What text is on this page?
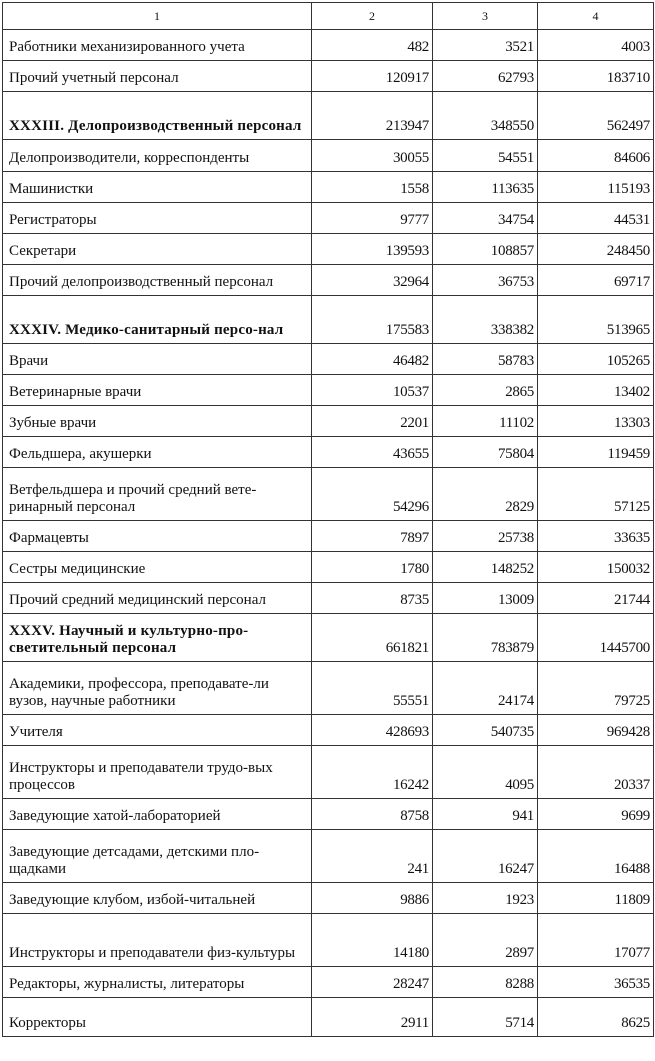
1	2	3	4
Работники механизированного учета	482	3521	4003
Прочий учетный персонал	120917	62793	183710
XXXIII. Делопроизводственный персонал	213947	348550	562497
Делопроизводители, корреспонденты	30055	54551	84606
Машинистки	1558	113635	115193
Регистраторы	9777	34754	44531
Секретари	139593	108857	248450
Прочий делопроизводственный персонал	32964	36753	69717
XXXIV. Медико-санитарный персо-нал	175583	338382	513965
Врачи	46482	58783	105265
Ветеринарные врачи	10537	2865	13402
Зубные врачи	2201	11102	13303
Фельдшера, акушерки	43655	75804	119459
Ветфельдшера и прочий средний вете-ринарный персонал	54296	2829	57125
Фармацевты	7897	25738	33635
Сестры медицинские	1780	148252	150032
Прочий средний медицинский персонал	8735	13009	21744
XXXV. Научный и культурно-про-светительный персонал	661821	783879	1445700
Академики, профессора, преподавате-ли вузов, научные работники	55551	24174	79725
Учителя	428693	540735	969428
Инструкторы и преподаватели трудо-вых процессов	16242	4095	20337
Заведующие хатой-лабораторией	8758	941	9699
Заведующие детсадами, детскими пло-щадками	241	16247	16488
Заведующие клубом, избой-читальней	9886	1923	11809
Инструкторы и преподаватели физ-культуры	14180	2897	17077
Редакторы, журналисты, литераторы	28247	8288	36535
Корректоры	2911	5714	8625
